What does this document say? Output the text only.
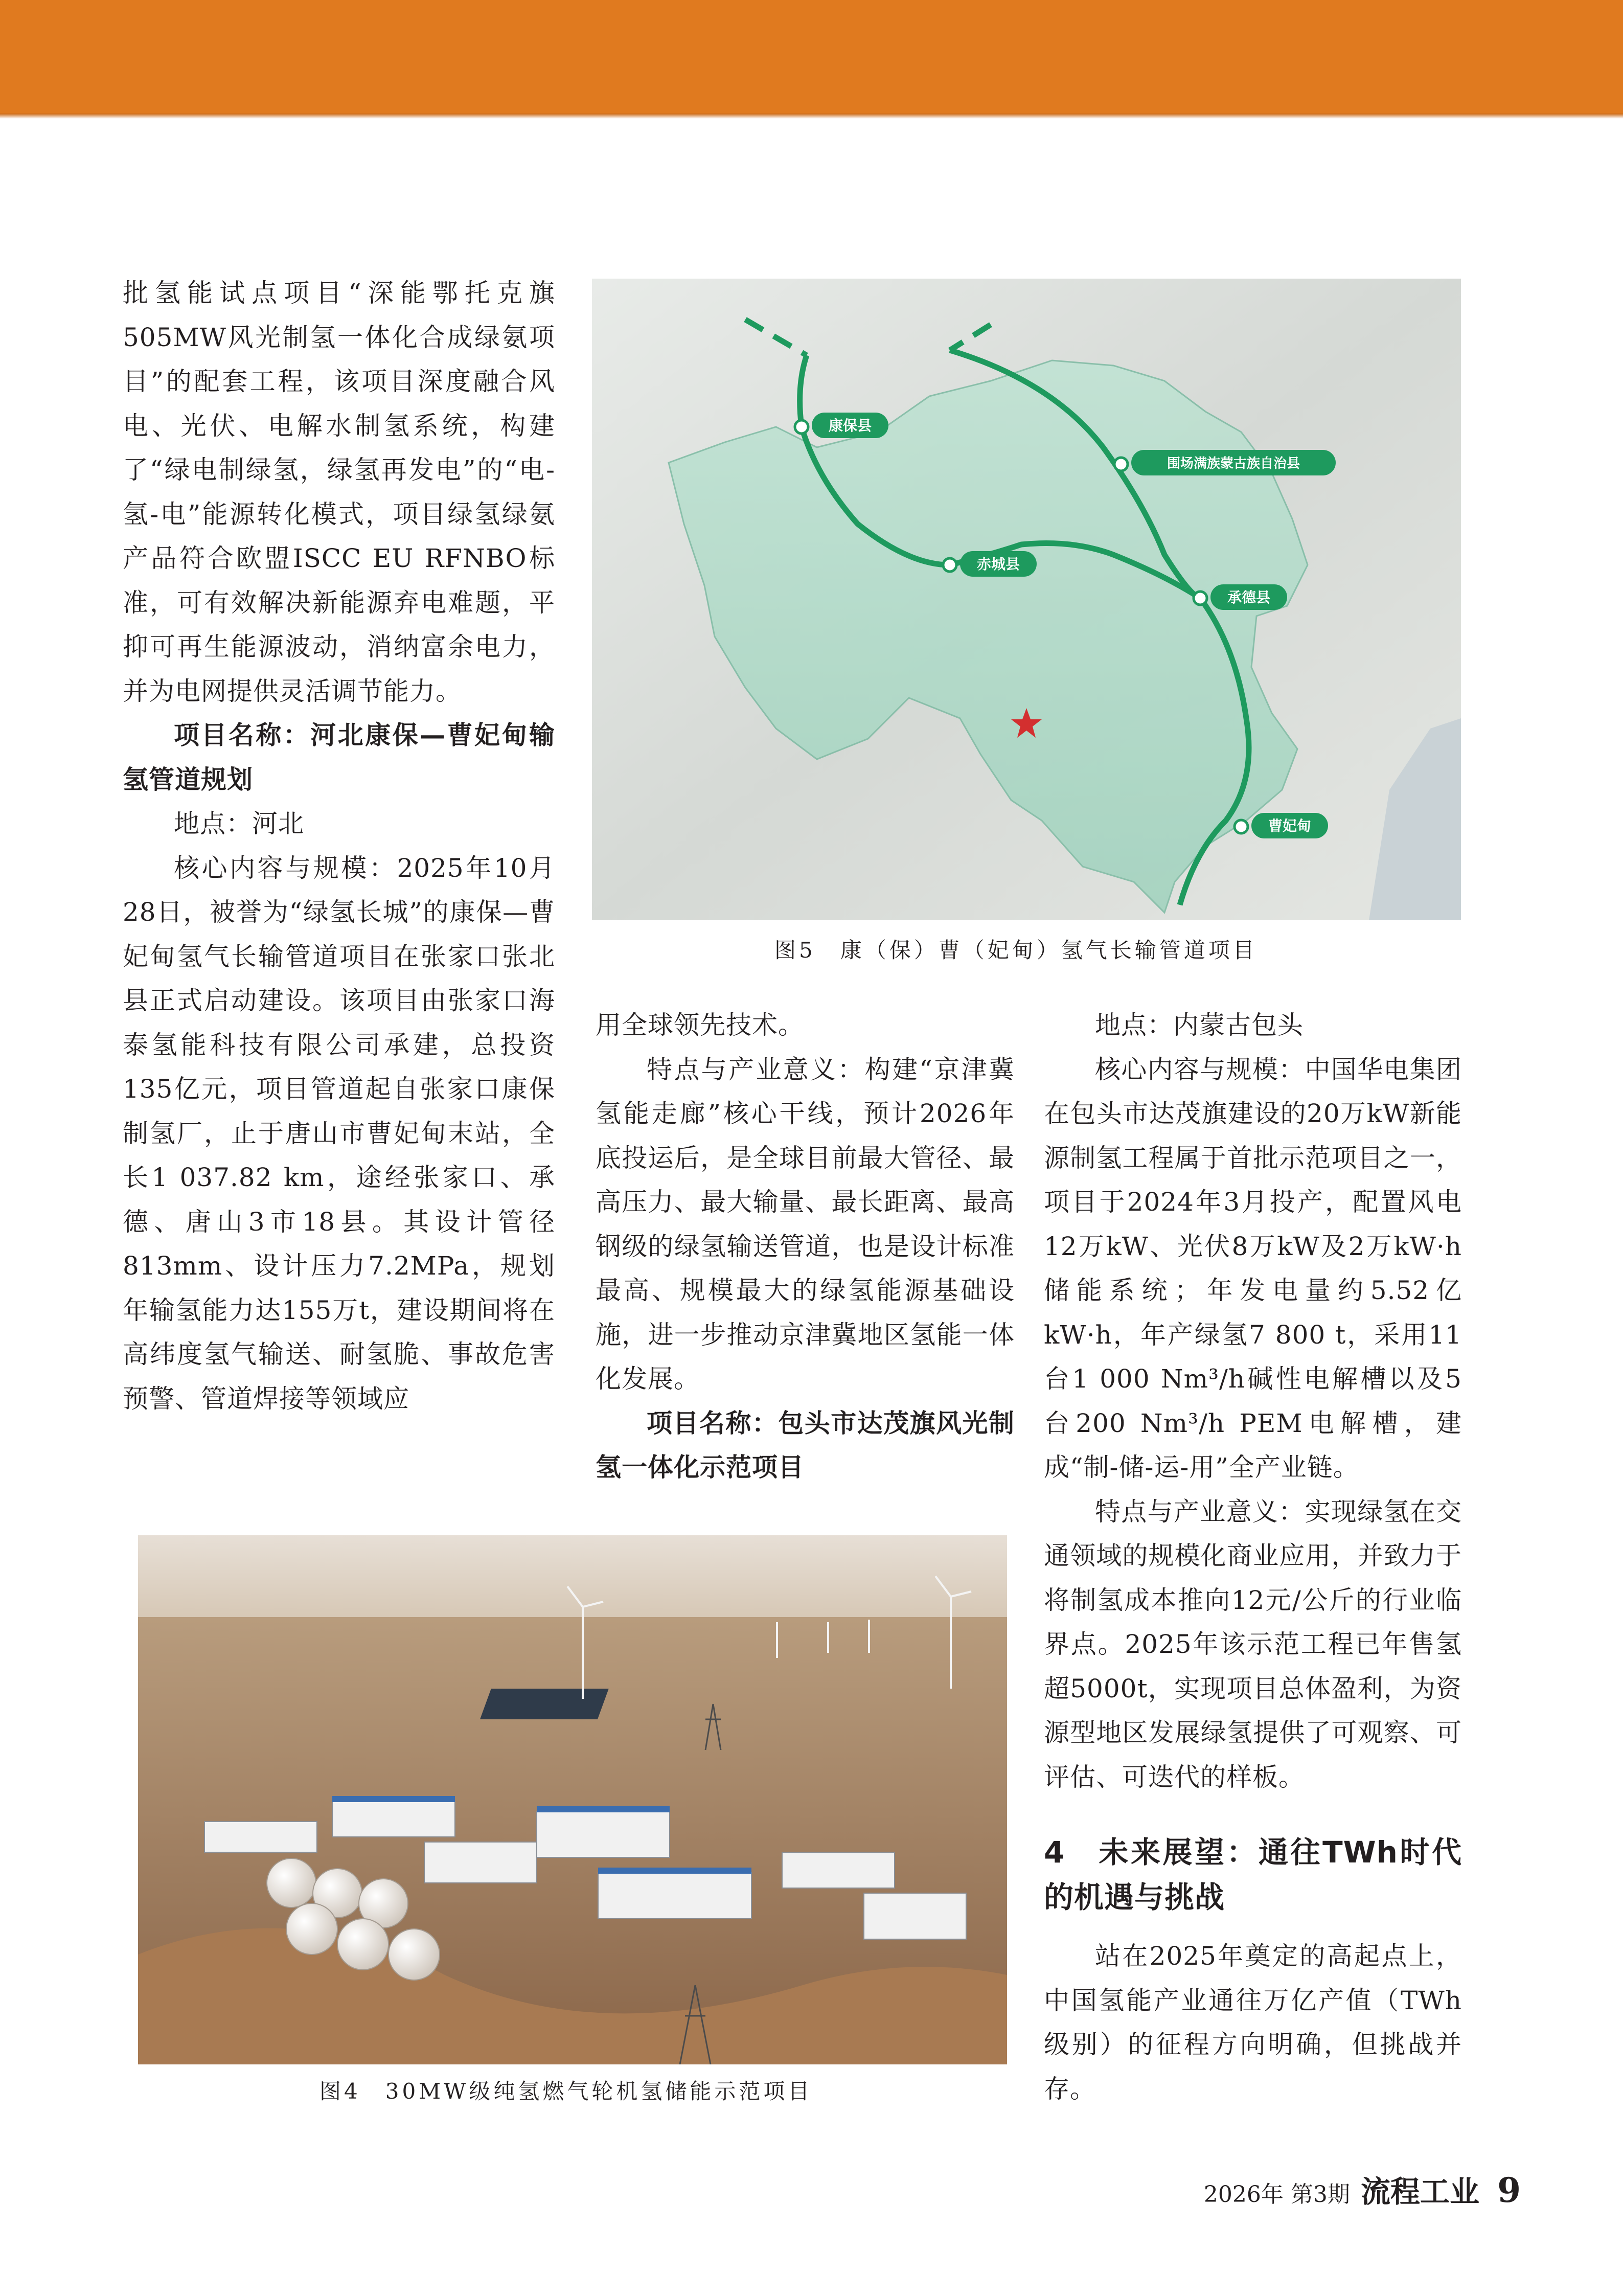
批氢能试点项目“深能鄂托克旗505MW风光制氢一体化合成绿氨项目”的配套工程，该项目深度融合风电、光伏、电解水制氢系统，构建了“绿电制绿氢，绿氢再发电”的“电-氢-电”能源转化模式，项目绿氢绿氨产品符合欧盟ISCC EU RFNBO标准，可有效解决新能源弃电难题，平抑可再生能源波动，消纳富余电力，并为电网提供灵活调节能力。

项目名称：河北康保—曹妃甸输氢管道规划

地点：河北

核心内容与规模：2025年10月28日，被誉为“绿氢长城”的康保—曹妃甸氢气长输管道项目在张家口张北县正式启动建设。该项目由张家口海泰氢能科技有限公司承建，总投资135亿元，项目管道起自张家口康保制氢厂，止于唐山市曹妃甸末站，全长1 037.82 km，途经张家口、承德、唐山3市18县。其设计管径813mm、设计压力7.2MPa，规划年输氢能力达155万t，建设期间将在高纬度氢气输送、耐氢脆、事故危害预警、管道焊接等领域应

康保县
围场满族蒙古族自治县
赤城县
承德县
曹妃甸
图5　康（保）曹（妃甸）氢气长输管道项目

用全球领先技术。

特点与产业意义：构建“京津冀氢能走廊”核心干线，预计2026年底投运后，是全球目前最大管径、最高压力、最大输量、最长距离、最高钢级的绿氢输送管道，也是设计标准最高、规模最大的绿氢能源基础设施，进一步推动京津冀地区氢能一体化发展。

项目名称：包头市达茂旗风光制氢一体化示范项目

地点：内蒙古包头

核心内容与规模：中国华电集团在包头市达茂旗建设的20万kW新能源制氢工程属于首批示范项目之一，项目于2024年3月投产，配置风电12万kW、光伏8万kW及2万kW·h储能系统；年发电量约5.52亿kW·h，年产绿氢7 800 t，采用11台1 000 Nm³/h碱性电解槽以及5台200 Nm³/h PEM电解槽，建成“制-储-运-用”全产业链。

特点与产业意义：实现绿氢在交通领域的规模化商业应用，并致力于将制氢成本推向12元/公斤的行业临界点。2025年该示范工程已年售氢超5000t，实现项目总体盈利，为资源型地区发展绿氢提供了可观察、可评估、可迭代的样板。

4　未来展望：通往TWh时代的机遇与挑战

站在2025年奠定的高起点上，中国氢能产业通往万亿产值（TWh级别）的征程方向明确，但挑战并存。

图4　30MW级纯氢燃气轮机氢储能示范项目
2026年 第3期 流程工业 9
